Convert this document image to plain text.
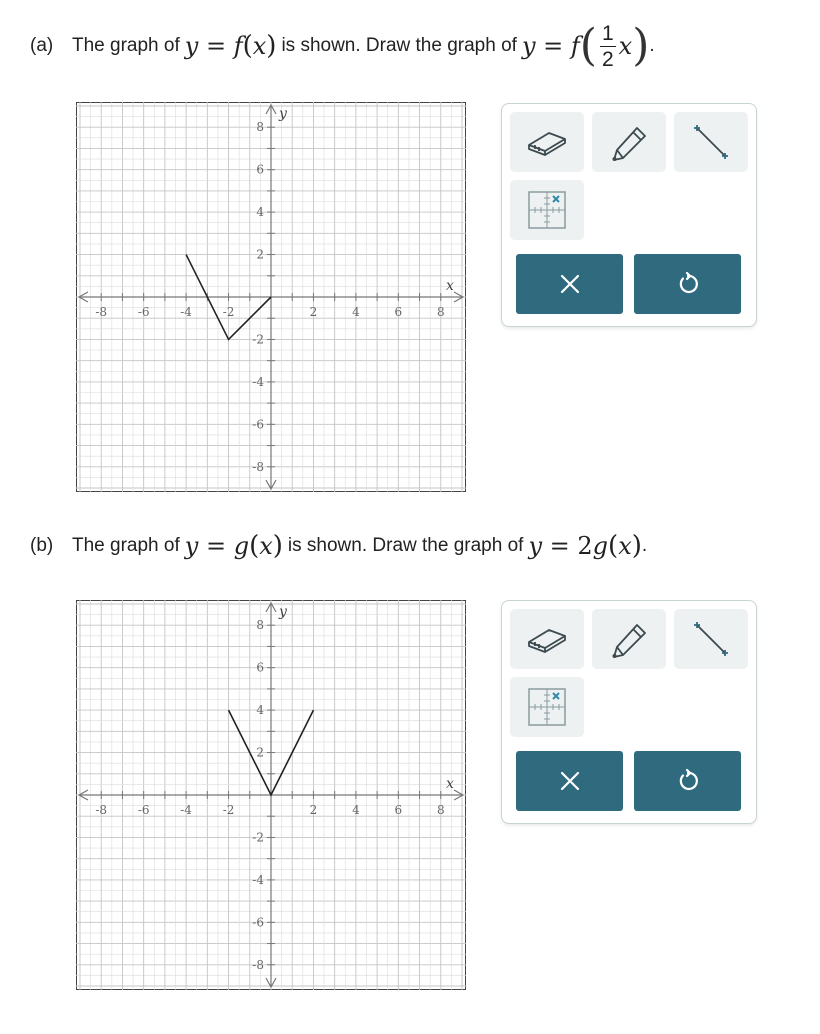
(a) The graph of y = f(x) is shown. Draw the graph of y = f ( $\frac{1}{2}$ x ) .
-8	-6	-4	-2	2	4	6	8
8
6
4
2
-2
-4
-6
-8
x
y
(b) The graph of y = g(x) is shown. Draw the graph of y = 2g(x) .
-8	-6	-4	-2	2	4	6	8
8
6
4
2
-2
-4
-6
-8
x
y
